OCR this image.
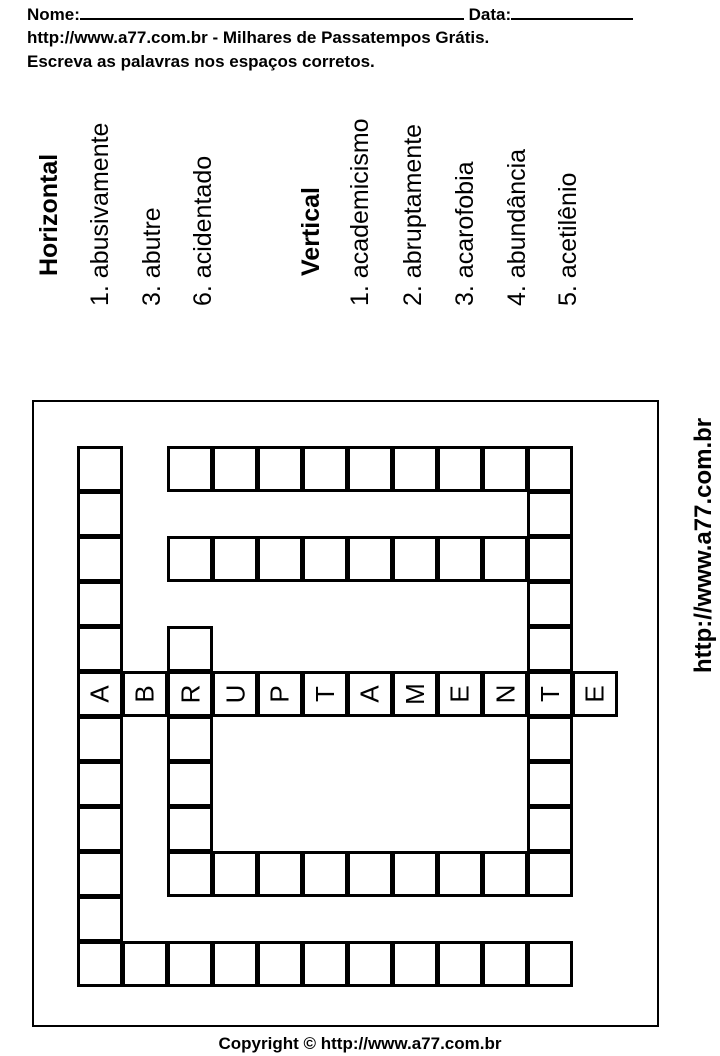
Nome:	Data:
http://www.a77.com.br - Milhares de Passatempos Grátis.
Escreva as palavras nos espaços corretos.
Horizontal 1. abusivamente 3. abutre 6. acidentado	Vertical 1. academicismo 2. abruptamente 3. acarofobia 4. abundância 5. acetilênio
A B R U P T A M E N T E
http://www.a77.com.br
Copyright © http://www.a77.com.br
